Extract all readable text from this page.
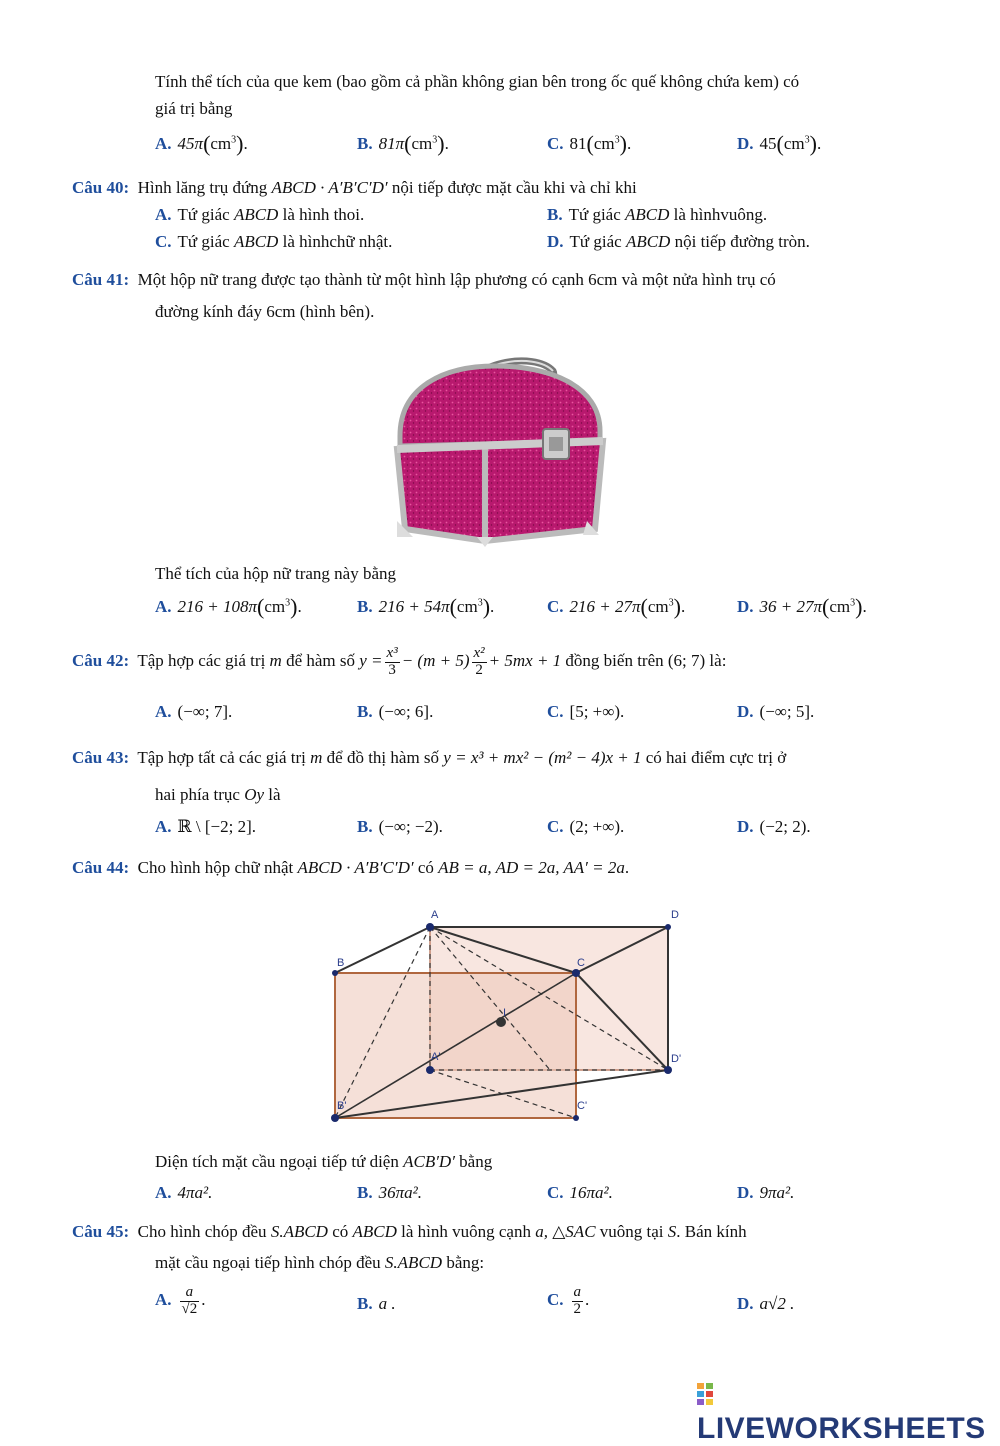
Tính thể tích của que kem (bao gồm cả phần không gian bên trong ốc quế không chứa kem) có
giá trị bằng
A. $45\pi(cm^3)$.	B. $81\pi(cm^3)$.	C. $81(cm^3)$.	D. $45(cm^3)$.
Câu 40: Hình lăng trụ đứng ABCD · A′B′C′D′ nội tiếp được mặt cầu khi và chỉ khi
A. Tứ giác ABCD là hình thoi.	B. Tứ giác ABCD là hìnhvuông.
C. Tứ giác ABCD là hìnhchữ nhật.	D. Tứ giác ABCD nội tiếp đường tròn.
Câu 41: Một hộp nữ trang được tạo thành từ một hình lập phương có cạnh 6cm và một nửa hình trụ có
đường kính đáy 6cm (hình bên).
Thể tích của hộp nữ trang này bằng
A. $216 + 108\pi(cm^3)$.	B. $216 + 54\pi(cm^3)$.	C. $216 + 27\pi(cm^3)$.	D. $36 + 27\pi(cm^3)$.
Câu 42: Tập hợp các giá trị m để hàm số $y = \frac{\text{x³}}{3} - (m + 5) \frac{\text{x²}}{2} + 5mx + 1$ đồng biến trên (6; 7) là:
A. (−∞; 7].	B. (−∞; 6].	C. [5; +∞).	D. (−∞; 5].
Câu 43: Tập hợp tất cả các giá trị m để đồ thị hàm số y = x³ + mx² − (m² − 4)x + 1 có hai điểm cực trị ở
hai phía trục Oy là
A. ℝ \ [−2; 2].	B. (−∞; −2).	C. (2; +∞).	D. (−2; 2).
Câu 44: Cho hình hộp chữ nhật ABCD · A′B′C′D′ có AB = a, AD = 2a, AA′ = 2a.
A	D
B	C
A'	D'
B'	C'
I
Diện tích mặt cầu ngoại tiếp tứ diện ACB′D′ bằng
A. 4πa².	B. 36πa².	C. 16πa².	D. 9πa².
Câu 45: Cho hình chóp đều S.ABCD có ABCD là hình vuông cạnh a, △SAC vuông tại S. Bán kính
mặt cầu ngoại tiếp hình chóp đều S.ABCD bằng:
A. $\frac{a}{√2}$ .	B. a .	C. $\frac{a}{2}$ .	D. a√2 .
LIVEWORKSHEETS
